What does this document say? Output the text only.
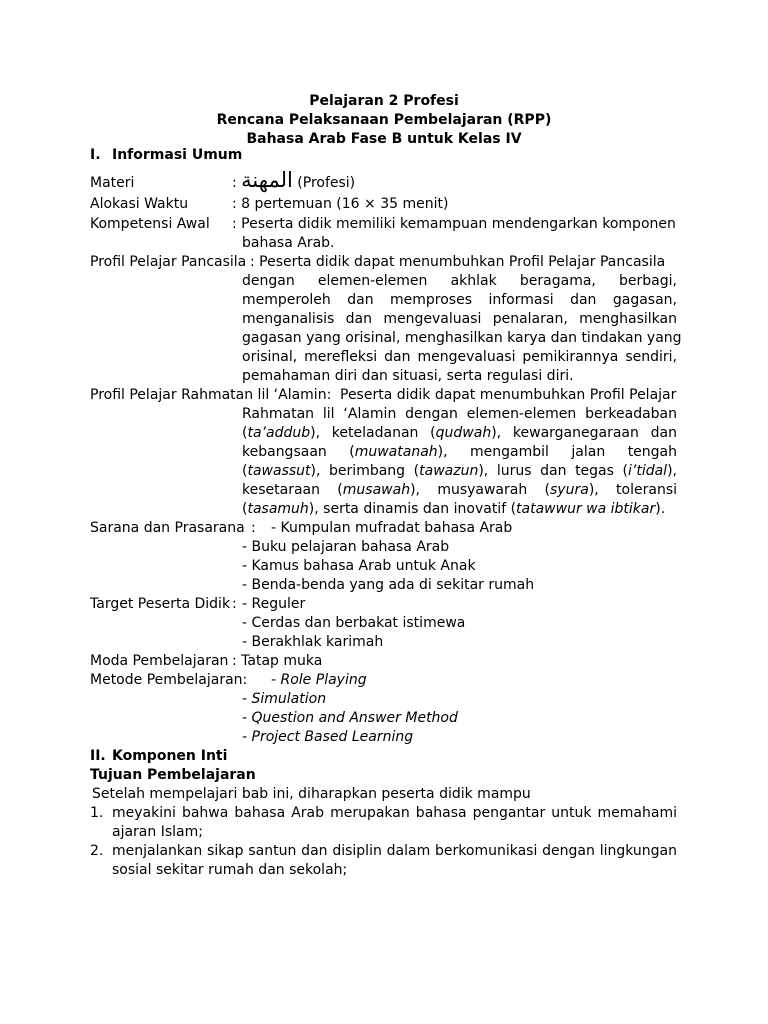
Pelajaran 2 Profesi
Rencana Pelaksanaan Pembelajaran (RPP)
Bahasa Arab Fase B untuk Kelas IV
I. Informasi Umum
Materi	: المهنة (Profesi)
Alokasi Waktu	: 8 pertemuan (16 × 35 menit)
Kompetensi Awal : Peserta didik memiliki kemampuan mendengarkan komponen
bahasa Arab.
Profil Pelajar Pancasila : Peserta didik dapat menumbuhkan Profil Pelajar Pancasila
dengan elemen-elemen akhlak beragama, berbagi,
memperoleh dan memproses informasi dan gagasan,
menganalisis dan mengevaluasi penalaran, menghasilkan
gagasan yang orisinal, menghasilkan karya dan tindakan yang
orisinal, merefleksi dan mengevaluasi pemikirannya sendiri,
pemahaman diri dan situasi, serta regulasi diri.
Profil Pelajar Rahmatan lil ‘Alamin: Peserta didik dapat menumbuhkan Profil Pelajar
Rahmatan lil ‘Alamin dengan elemen-elemen berkeadaban
(ta’addub), keteladanan (qudwah), kewarganegaraan dan
kebangsaan (muwatanah), mengambil jalan tengah
(tawassut), berimbang (tawazun), lurus dan tegas (i’tidal),
kesetaraan (musawah), musyawarah (syura), toleransi
(tasamuh), serta dinamis dan inovatif (tatawwur wa ibtikar).
Sarana dan Prasarana : - Kumpulan mufradat bahasa Arab
- Buku pelajaran bahasa Arab
- Kamus bahasa Arab untuk Anak
- Benda-benda yang ada di sekitar rumah
Target Peserta Didik : - Reguler
- Cerdas dan berbakat istimewa
- Berakhlak karimah
Moda Pembelajaran : Tatap muka
Metode Pembelajaran: - Role Playing
- Simulation
- Question and Answer Method
- Project Based Learning
II. Komponen Inti
Tujuan Pembelajaran
Setelah mempelajari bab ini, diharapkan peserta didik mampu
1. meyakini bahwa bahasa Arab merupakan bahasa pengantar untuk memahami
ajaran Islam;
2. menjalankan sikap santun dan disiplin dalam berkomunikasi dengan lingkungan
sosial sekitar rumah dan sekolah;
